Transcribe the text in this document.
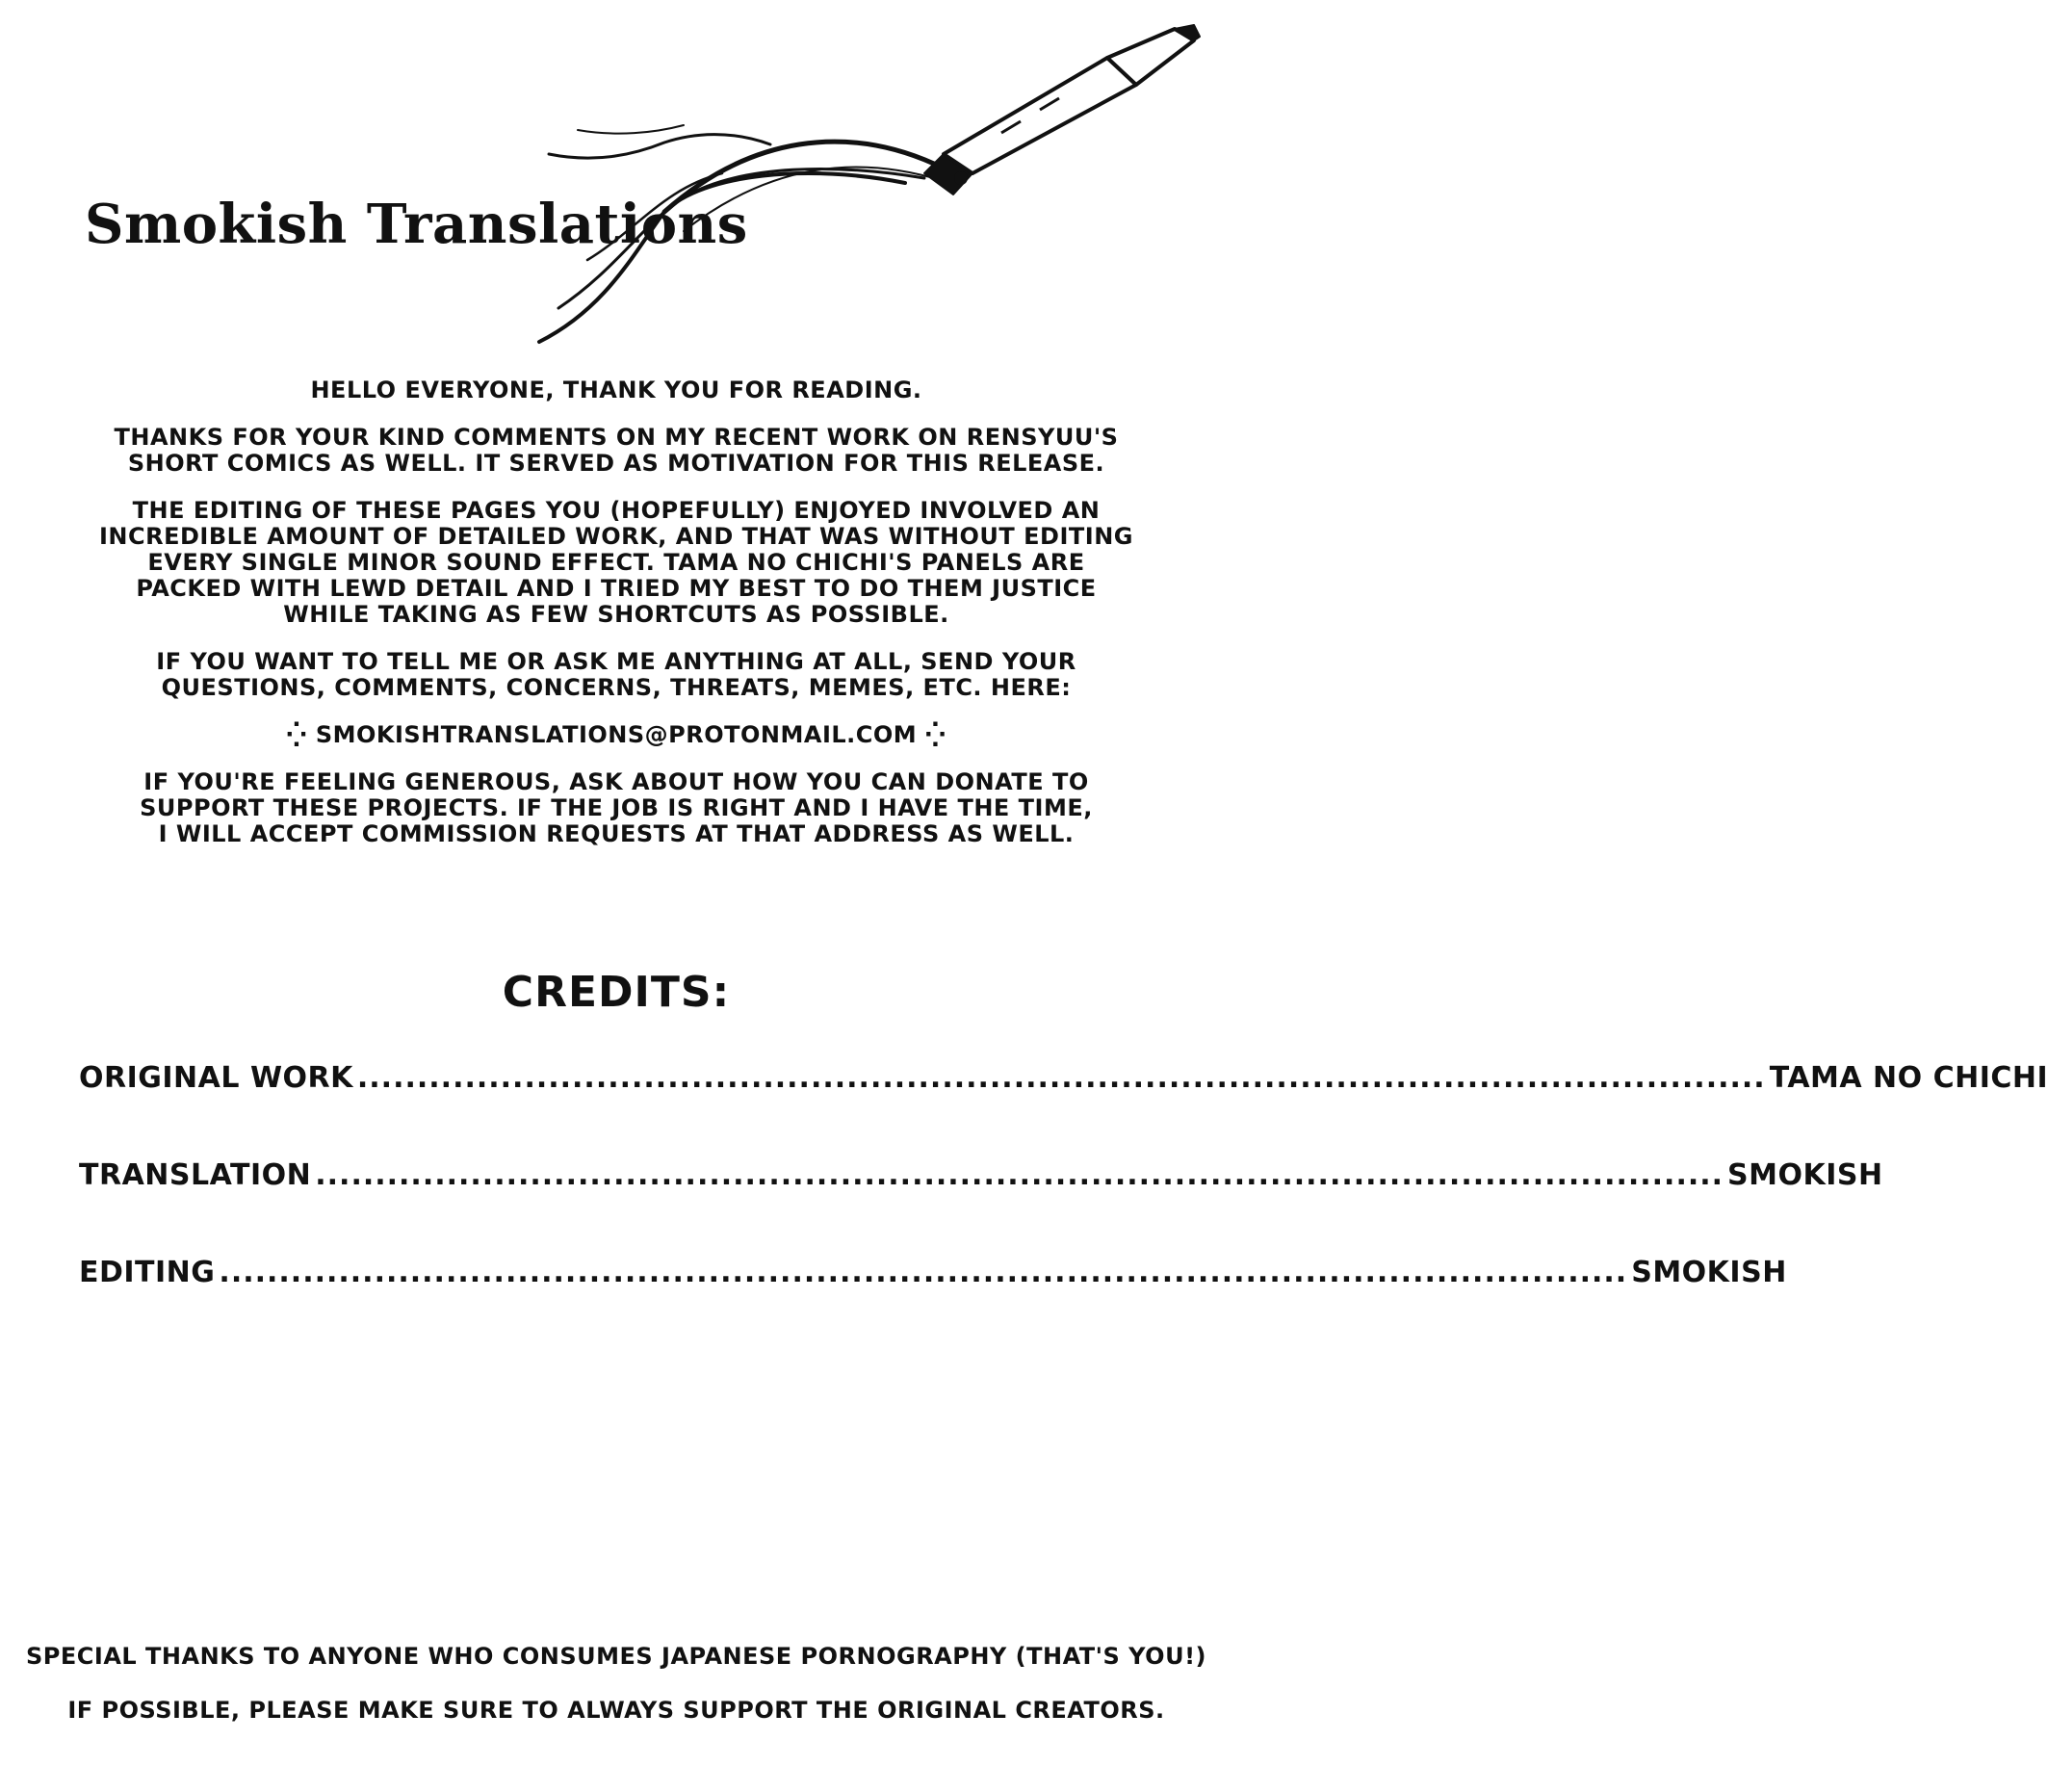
Smokish Translations

HELLO EVERYONE, THANK YOU FOR READING.

THANKS FOR YOUR KIND COMMENTS ON MY RECENT WORK ON RENSYUU'S
SHORT COMICS AS WELL. IT SERVED AS MOTIVATION FOR THIS RELEASE.

THE EDITING OF THESE PAGES YOU (HOPEFULLY) ENJOYED INVOLVED AN
INCREDIBLE AMOUNT OF DETAILED WORK, AND THAT WAS WITHOUT EDITING
EVERY SINGLE MINOR SOUND EFFECT. TAMA NO CHICHI'S PANELS ARE
PACKED WITH LEWD DETAIL AND I TRIED MY BEST TO DO THEM JUSTICE
WHILE TAKING AS FEW SHORTCUTS AS POSSIBLE.

IF YOU WANT TO TELL ME OR ASK ME ANYTHING AT ALL, SEND YOUR
QUESTIONS, COMMENTS, CONCERNS, THREATS, MEMES, ETC. HERE:

⁛ SMOKISHTRANSLATIONS@PROTONMAIL.COM ⁛

IF YOU'RE FEELING GENEROUS, ASK ABOUT HOW YOU CAN DONATE TO
SUPPORT THESE PROJECTS. IF THE JOB IS RIGHT AND I HAVE THE TIME,
I WILL ACCEPT COMMISSION REQUESTS AT THAT ADDRESS AS WELL.

CREDITS:
ORIGINAL WORK ...................................................................................................................... TAMA NO CHICHI
TRANSLATION ...................................................................................................................... SMOKISH
EDITING ...................................................................................................................... SMOKISH

SPECIAL THANKS TO ANYONE WHO CONSUMES JAPANESE PORNOGRAPHY (THAT'S YOU!)

IF POSSIBLE, PLEASE MAKE SURE TO ALWAYS SUPPORT THE ORIGINAL CREATORS.
